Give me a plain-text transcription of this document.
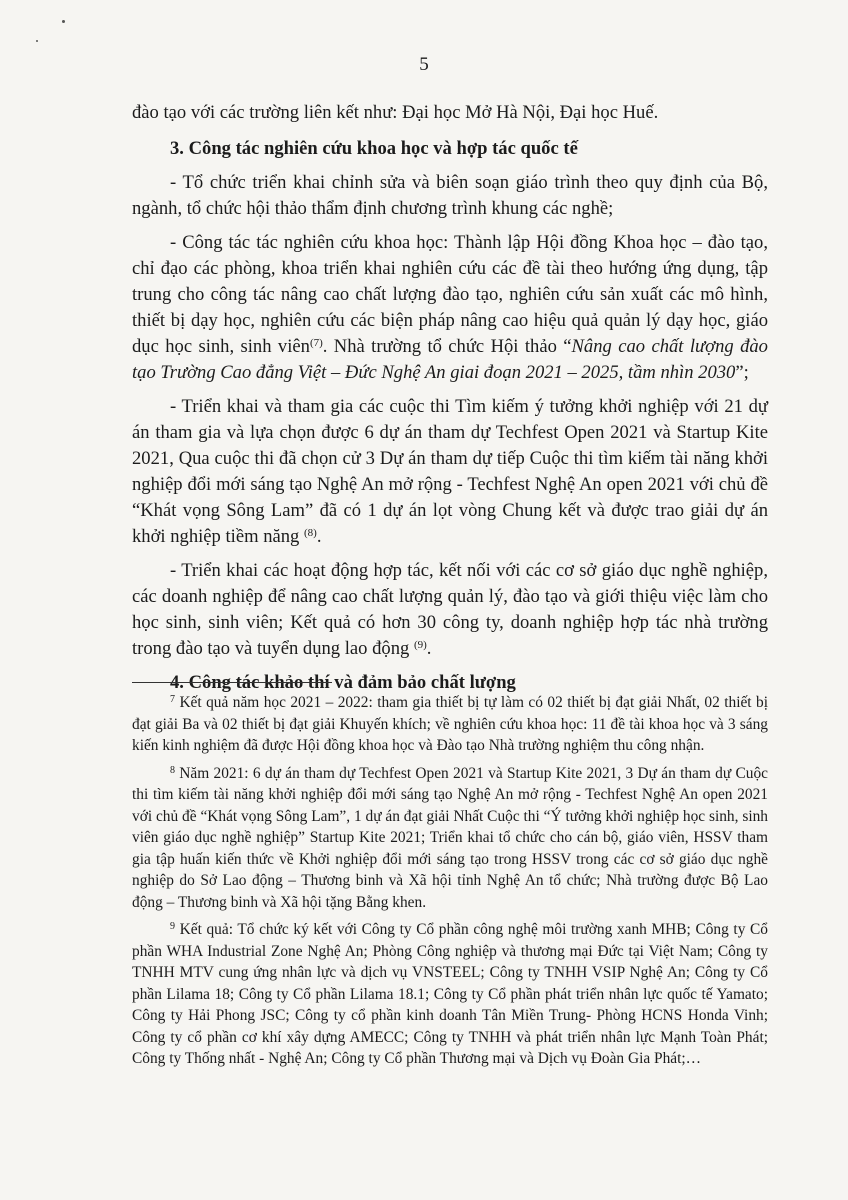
5

đào tạo với các trường liên kết như: Đại học Mở Hà Nội, Đại học Huế.

3. Công tác nghiên cứu khoa học và hợp tác quốc tế

- Tổ chức triển khai chỉnh sửa và biên soạn giáo trình theo quy định của Bộ, ngành, tổ chức hội thảo thẩm định chương trình khung các nghề;

- Công tác tác nghiên cứu khoa học: Thành lập Hội đồng Khoa học – đào tạo, chỉ đạo các phòng, khoa triển khai nghiên cứu các đề tài theo hướng ứng dụng, tập trung cho công tác nâng cao chất lượng đào tạo, nghiên cứu sản xuất các mô hình, thiết bị dạy học, nghiên cứu các biện pháp nâng cao hiệu quả quản lý dạy học, giáo dục học sinh, sinh viên$^{(7)}$. Nhà trường tổ chức Hội thảo “Nâng cao chất lượng đào tạo Trường Cao đẳng Việt – Đức Nghệ An giai đoạn 2021 – 2025, tầm nhìn 2030”;

- Triển khai và tham gia các cuộc thi Tìm kiếm ý tưởng khởi nghiệp với 21 dự án tham gia và lựa chọn được 6 dự án tham dự Techfest Open 2021 và Startup Kite 2021, Qua cuộc thi đã chọn cử 3 Dự án tham dự tiếp Cuộc thi tìm kiếm tài năng khởi nghiệp đổi mới sáng tạo Nghệ An mở rộng - Techfest Nghệ An open 2021 với chủ đề “Khát vọng Sông Lam” đã có 1 dự án lọt vòng Chung kết và được trao giải dự án khởi nghiệp tiềm năng $^{(8)}$.

- Triển khai các hoạt động hợp tác, kết nối với các cơ sở giáo dục nghề nghiệp, các doanh nghiệp để nâng cao chất lượng quản lý, đào tạo và giới thiệu việc làm cho học sinh, sinh viên; Kết quả có hơn 30 công ty, doanh nghiệp hợp tác nhà trường trong đào tạo và tuyển dụng lao động $^{(9)}$.

4. Công tác khảo thí và đảm bảo chất lượng

$^7$ Kết quả năm học 2021 – 2022: tham gia thiết bị tự làm có 02 thiết bị đạt giải Nhất, 02 thiết bị đạt giải Ba và 02 thiết bị đạt giải Khuyến khích; về nghiên cứu khoa học: 11 đề tài khoa học và 3 sáng kiến kinh nghiệm đã được Hội đồng khoa học và Đào tạo Nhà trường nghiệm thu công nhận.

$^8$ Năm 2021: 6 dự án tham dự Techfest Open 2021 và Startup Kite 2021, 3 Dự án tham dự Cuộc thi tìm kiếm tài năng khởi nghiệp đổi mới sáng tạo Nghệ An mở rộng - Techfest Nghệ An open 2021 với chủ đề “Khát vọng Sông Lam”, 1 dự án đạt giải Nhất Cuộc thi “Ý tưởng khởi nghiệp học sinh, sinh viên giáo dục nghề nghiệp” Startup Kite 2021; Triển khai tổ chức cho cán bộ, giáo viên, HSSV tham gia tập huấn kiến thức về Khởi nghiệp đổi mới sáng tạo trong HSSV trong các cơ sở giáo dục nghề nghiệp do Sở Lao động – Thương binh và Xã hội tỉnh Nghệ An tổ chức; Nhà trường được Bộ Lao động – Thương binh và Xã hội tặng Bằng khen.

$^9$ Kết quả: Tổ chức ký kết với Công ty Cổ phần công nghệ môi trường xanh MHB; Công ty Cổ phần WHA Industrial Zone Nghệ An; Phòng Công nghiệp và thương mại Đức tại Việt Nam; Công ty TNHH MTV cung ứng nhân lực và dịch vụ VNSTEEL; Công ty TNHH VSIP Nghệ An; Công ty Cổ phần Lilama 18; Công ty Cổ phần Lilama 18.1; Công ty Cổ phần phát triển nhân lực quốc tế Yamato; Công ty Hải Phong JSC; Công ty cổ phần kinh doanh Tân Miền Trung- Phòng HCNS Honda Vinh; Công ty cổ phần cơ khí xây dựng AMECC; Công ty TNHH và phát triển nhân lực Mạnh Toàn Phát; Công ty Thống nhất - Nghệ An; Công ty Cổ phần Thương mại và Dịch vụ Đoàn Gia Phát;…
